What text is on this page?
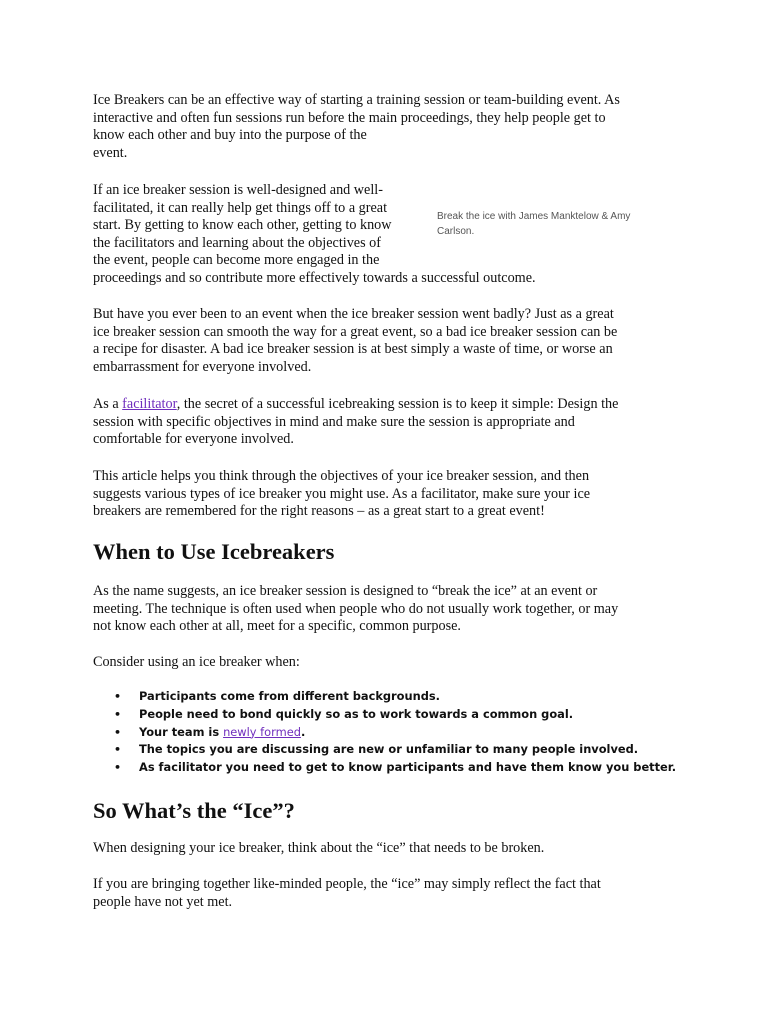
Ice Breakers can be an effective way of starting a training session or team-building event. As
interactive and often fun sessions run before the main proceedings, they help people get to
know each other and buy into the purpose of the
event.

If an ice breaker session is well-designed and well-
facilitated, it can really help get things off to a great
start. By getting to know each other, getting to know
the facilitators and learning about the objectives of
the event, people can become more engaged in the
proceedings and so contribute more effectively towards a successful outcome.

Break the ice with James Manktelow & Amy
Carlson.

But have you ever been to an event when the ice breaker session went badly? Just as a great
ice breaker session can smooth the way for a great event, so a bad ice breaker session can be
a recipe for disaster. A bad ice breaker session is at best simply a waste of time, or worse an
embarrassment for everyone involved.

As a facilitator, the secret of a successful icebreaking session is to keep it simple: Design the
session with specific objectives in mind and make sure the session is appropriate and
comfortable for everyone involved.

This article helps you think through the objectives of your ice breaker session, and then
suggests various types of ice breaker you might use. As a facilitator, make sure your ice
breakers are remembered for the right reasons – as a great start to a great event!

When to Use Icebreakers

As the name suggests, an ice breaker session is designed to “break the ice” at an event or
meeting. The technique is often used when people who do not usually work together, or may
not know each other at all, meet for a specific, common purpose.

Consider using an ice breaker when:

• Participants come from different backgrounds.
• People need to bond quickly so as to work towards a common goal.
• Your team is newly formed.
• The topics you are discussing are new or unfamiliar to many people involved.
• As facilitator you need to get to know participants and have them know you better.
So What’s the “Ice”?

When designing your ice breaker, think about the “ice” that needs to be broken.

If you are bringing together like-minded people, the “ice” may simply reflect the fact that
people have not yet met.
